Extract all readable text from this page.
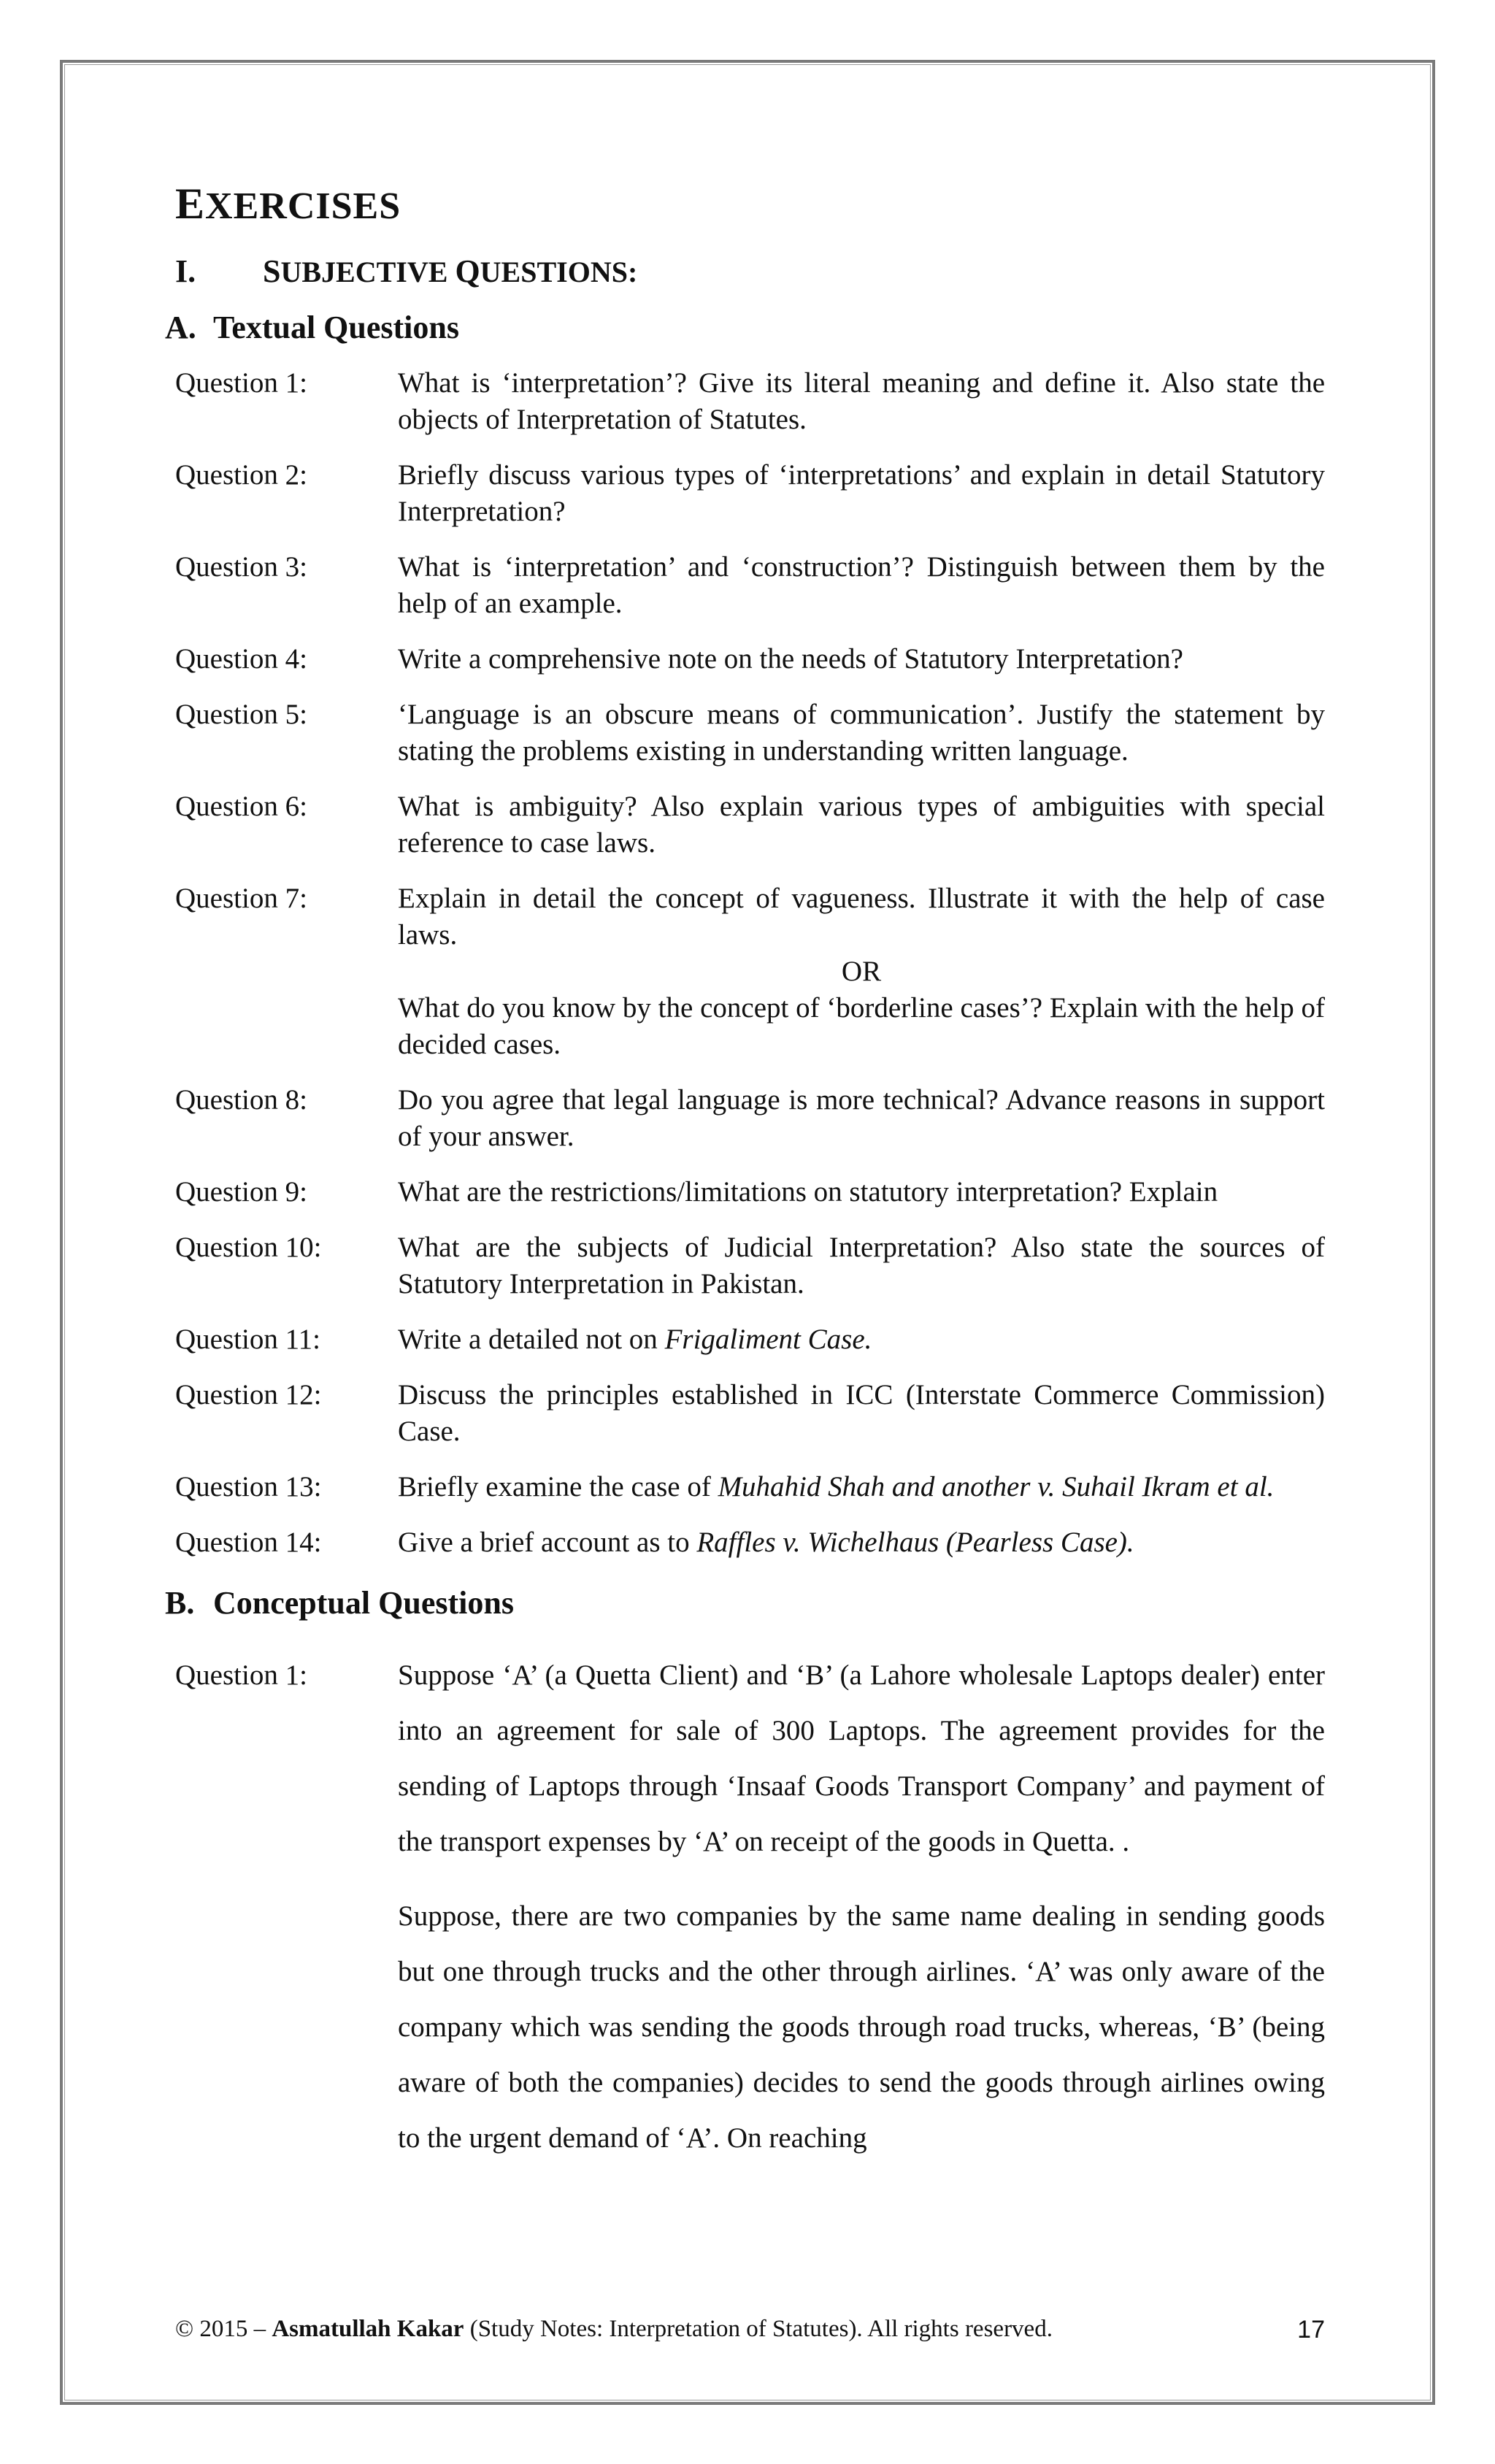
EXERCISES
I.	SUBJECTIVE QUESTIONS:
A. Textual Questions
Question 1:	What is ‘interpretation’? Give its literal meaning and define it. Also state the objects of Interpretation of Statutes.

Question 2:	Briefly discuss various types of ‘interpretations’ and explain in detail Statutory Interpretation?

Question 3:	What is ‘interpretation’ and ‘construction’? Distinguish between them by the help of an example.

Question 4:	Write a comprehensive note on the needs of Statutory Interpretation?

Question 5:	‘Language is an obscure means of communication’. Justify the statement by stating the problems existing in understanding written language.

Question 6:	What is ambiguity? Also explain various types of ambiguities with special reference to case laws.

Question 7:	Explain in detail the concept of vagueness. Illustrate it with the help of case laws.

OR

What do you know by the concept of ‘borderline cases’? Explain with the help of decided cases.

Question 8:	Do you agree that legal language is more technical? Advance reasons in support of your answer.

Question 9:	What are the restrictions/limitations on statutory interpretation? Explain

Question 10:	What are the subjects of Judicial Interpretation? Also state the sources of Statutory Interpretation in Pakistan.

Question 11:	Write a detailed not on Frigaliment Case.
Question 12:	Discuss the principles established in ICC (Interstate Commerce Commission) Case.

Question 13:	Briefly examine the case of Muhahid Shah and another v. Suhail Ikram et al.
Question 14:	Give a brief account as to Raffles v. Wichelhaus (Pearless Case).
B. Conceptual Questions
Question 1:	Suppose ‘A’ (a Quetta Client) and ‘B’ (a Lahore wholesale Laptops dealer) enter into an agreement for sale of 300 Laptops. The agreement provides for the sending of Laptops through ‘Insaaf Goods Transport Company’ and payment of the transport expenses by ‘A’ on receipt of the goods in Quetta. .

Suppose, there are two companies by the same name dealing in sending goods but one through trucks and the other through airlines. ‘A’ was only aware of the company which was sending the goods through road trucks, whereas, ‘B’ (being aware of both the companies) decides to send the goods through airlines owing to the urgent demand of ‘A’. On reaching

© 2015 – Asmatullah Kakar (Study Notes: Interpretation of Statutes). All rights reserved.	17
